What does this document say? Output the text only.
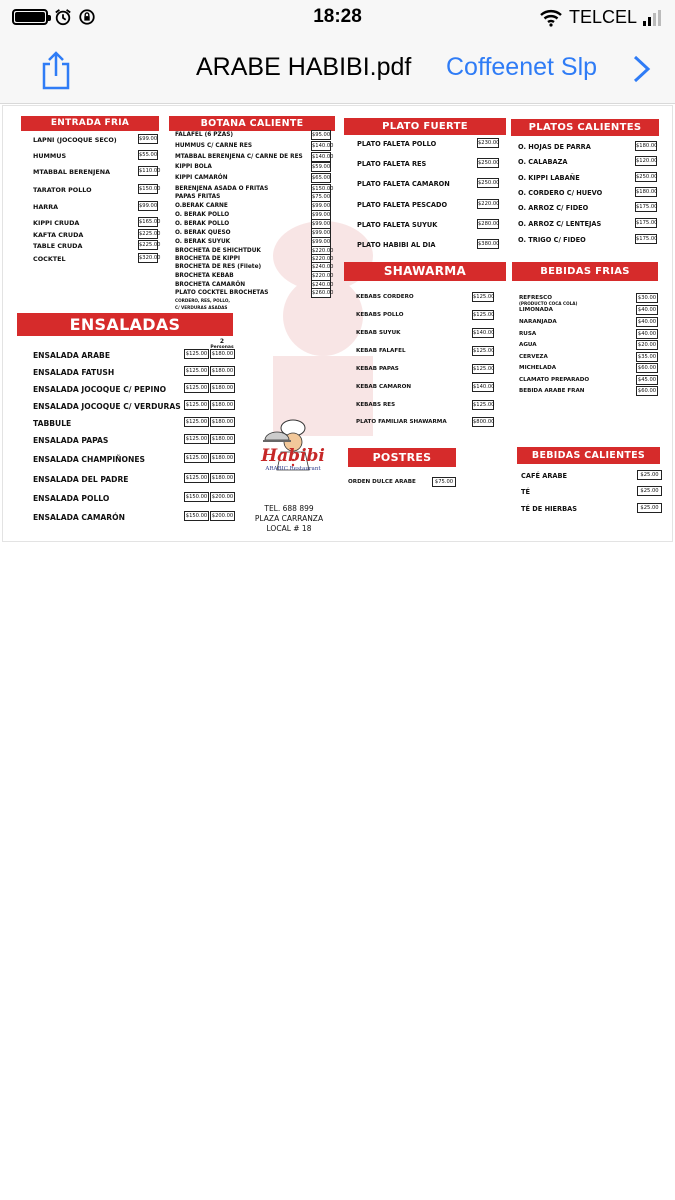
18:28	TELCEL
ARABE HABIBI.pdf Coffeenet Slp
ENTRADA FRIA
LAPNI (JOCOQUE SECO)	$99.00
HUMMUS	$55.00
MTABBAL BERENJENA	$110.00
TARATOR POLLO	$150.00
HARRA	$99.00
KIPPI CRUDA	$165.00
KAFTA CRUDA	$225.00
TABLE CRUDA	$225.00
COCKTEL	$320.00
BOTANA CALIENTE
FALAFEL (6 PZAS)	$95.00
HUMMUS C/ CARNE RES	$140.00
MTABBAL BERENJENA C/ CARNE DE RES $140.00
KIPPI BOLA	$59.00
KIPPI CAMARÓN	$65.00
BERENJENA ASADA O FRITAS	$150.00
PAPAS FRITAS	$75.00
O.BERAK CARNE	$99.00
O. BERAK POLLO	$99.00
O. BERAK POLLO	$99.00
O. BERAK QUESO	$99.00
O. BERAK SUYUK	$99.00
BROCHETA DE SHICHTDUK	$220.00
BROCHETA DE KIPPI	$220.00
BROCHETA DE RES (Filete)	$240.00
BROCHETA KEBAB	$220.00
BROCHETA CAMARÓN	$240.00
PLATO COCKTEL BROCHETAS	$260.00
CORDERO, RES, POLLO,
C/ VERDURAS ASADAS
ENSALADAS
ENSALADA ARABE	$125.00 $180.00
ENSALADA FATUSH	$125.00 $180.00
ENSALADA JOCOQUE C/ PEPINO	$125.00 $180.00
ENSALADA JOCOQUE C/ VERDURAS $125.00 $180.00
TABBULE	$125.00 $180.00
ENSALADA PAPAS	$125.00 $180.00
ENSALADA CHAMPIÑONES	$125.00 $180.00
ENSALADA DEL PADRE	$125.00 $180.00
ENSALADA POLLO	$150.00 $200.00
ENSALADA CAMARÓN	$150.00 $200.00
PLATO FUERTE
PLATO FALETA POLLO	$230.00
PLATO FALETA RES	$250.00
PLATO FALETA CAMARON	$250.00
PLATO FALETA PESCADO	$220.00
PLATO FALETA SUYUK	$280.00
PLATO HABIBI AL DIA	$380.00
PLATOS CALIENTES
O. HOJAS DE PARRA	$180.00
O. CALABAZA	$120.00
O. KIPPI LABAÑE	$250.00
O. CORDERO C/ HUEVO	$180.00
O. ARROZ C/ FIDEO	$175.00
O. ARROZ C/ LENTEJAS	$175.00
O. TRIGO C/ FIDEO	$175.00
SHAWARMA
KEBABS CORDERO	$125.00
KEBABS POLLO	$125.00
KEBAB SUYUK	$140.00
KEBAB FALAFEL	$125.00
KEBAB PAPAS	$125.00
KEBAB CAMARON	$140.00
KEBABS RES	$125.00
PLATO FAMILIAR SHAWARMA	$800.00
BEBIDAS FRIAS
REFRESCO	$30.00
(PRODUCTO COCA COLA)
LIMONADA	$40.00
NARANJADA	$40.00
RUSA	$40.00
AGUA	$20.00
CERVEZA	$35.00
MICHELADA	$60.00
CLAMATO PREPARADO	$45.00
BEBIDA ARABE FRAN	$60.00
POSTRES
ORDEN DULCE ARABE	$75.00
BEBIDAS CALIENTES
CAFÉ ARABE	$25.00
TÉ	$25.00
TÉ DE HIERBAS	$25.00
2
Personas
Habibi
ARABIC Restaurant
TEL. 688 899
PLAZA CARRANZA
LOCAL # 18
